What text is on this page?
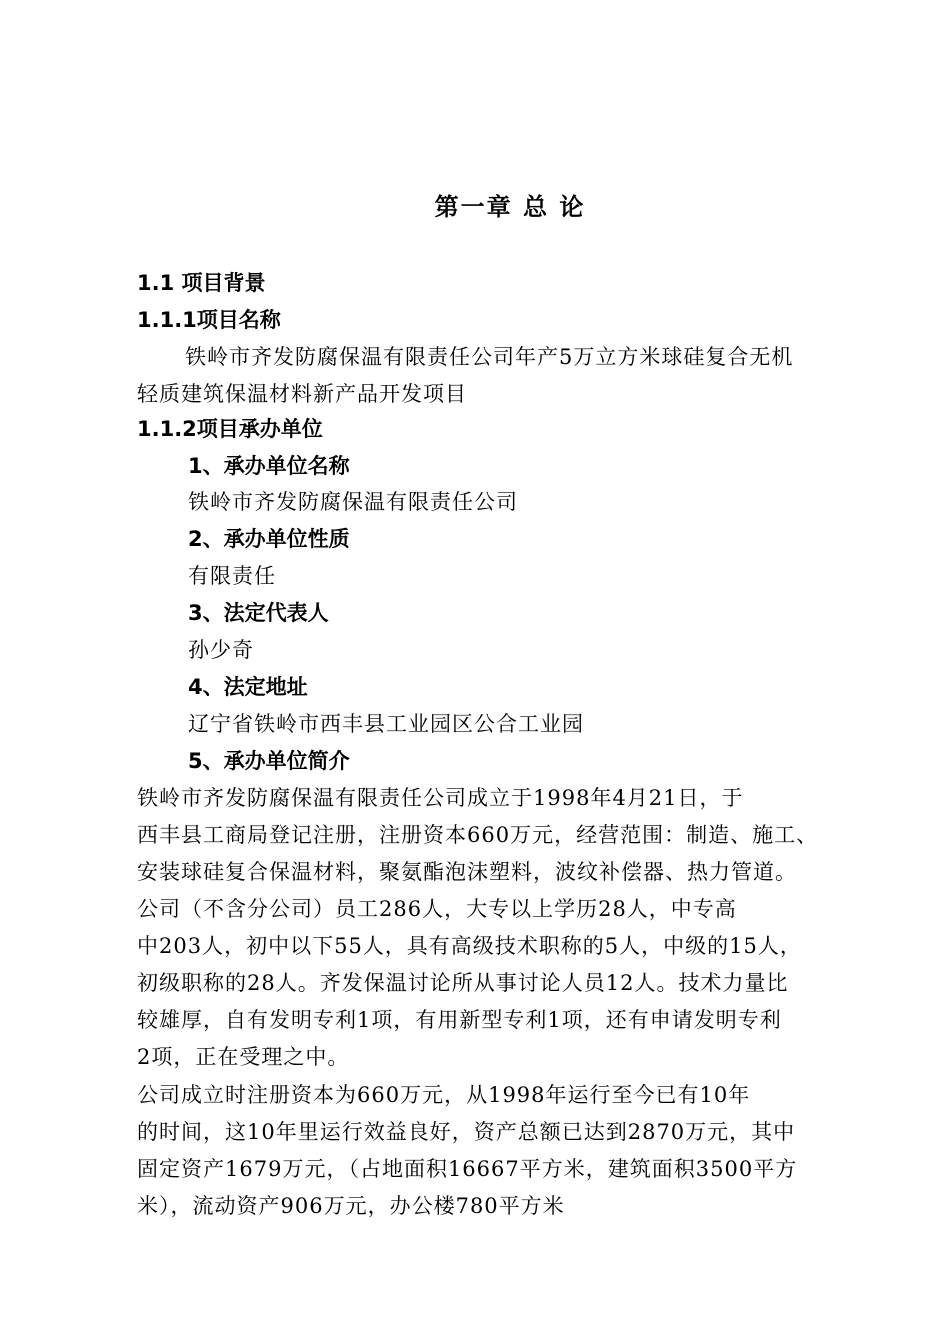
第一章 总 论
1.1 项目背景
1.1.1项目名称
铁岭市齐发防腐保温有限责任公司年产5万立方米球硅复合无机
轻质建筑保温材料新产品开发项目
1.1.2项目承办单位
1、承办单位名称
铁岭市齐发防腐保温有限责任公司
2、承办单位性质
有限责任
3、法定代表人
孙少奇
4、法定地址
辽宁省铁岭市西丰县工业园区公合工业园
5、承办单位简介
铁岭市齐发防腐保温有限责任公司成立于1998年4月21日，于
西丰县工商局登记注册，注册资本660万元，经营范围：制造、施工、
安装球硅复合保温材料，聚氨酯泡沫塑料，波纹补偿器、热力管道。
公司（不含分公司）员工286人，大专以上学历28人，中专高
中203人，初中以下55人，具有高级技术职称的5人，中级的15人，
初级职称的28人。齐发保温讨论所从事讨论人员12人。技术力量比
较雄厚，自有发明专利1项，有用新型专利1项，还有申请发明专利
2项，正在受理之中。
公司成立时注册资本为660万元，从1998年运行至今已有10年
的时间，这10年里运行效益良好，资产总额已达到2870万元，其中
固定资产1679万元，（占地面积16667平方米，建筑面积3500平方
米），流动资产906万元，办公楼780平方米
